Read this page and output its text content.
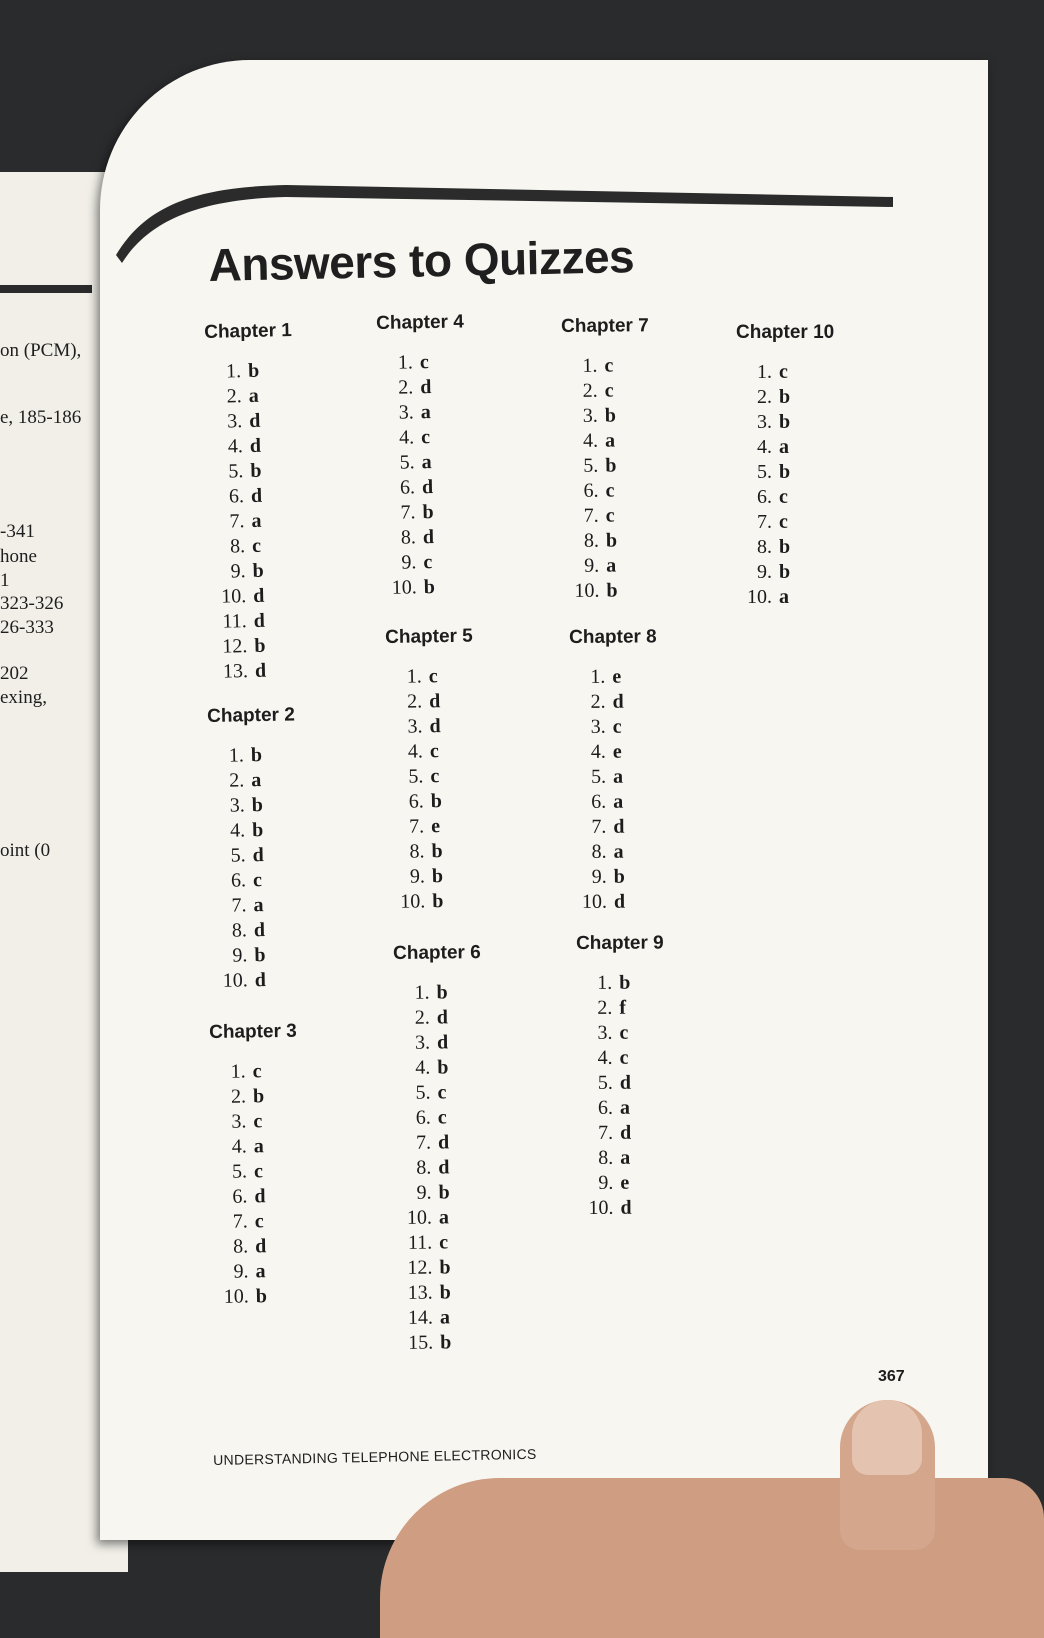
on (PCM),
e, 185-186
-341
hone
1
323-326
26-333
202
exing,
oint (0
Answers to Quizzes
Chapter 1
1. b
2. a
3. d
4. d
5. b
6. d
7. a
8. c
9. b
10. d
11. d
12. b
13. d
Chapter 2
1. b
2. a
3. b
4. b
5. d
6. c
7. a
8. d
9. b
10. d
Chapter 3
1. c
2. b
3. c
4. a
5. c
6. d
7. c
8. d
9. a
10. b
Chapter 4
1. c
2. d
3. a
4. c
5. a
6. d
7. b
8. d
9. c
10. b
Chapter 5
1. c
2. d
3. d
4. c
5. c
6. b
7. e
8. b
9. b
10. b
Chapter 6
1. b
2. d
3. d
4. b
5. c
6. c
7. d
8. d
9. b
10. a
11. c
12. b
13. b
14. a
15. b
Chapter 7
1. c
2. c
3. b
4. a
5. b
6. c
7. c
8. b
9. a
10. b
Chapter 8
1. e
2. d
3. c
4. e
5. a
6. a
7. d
8. a
9. b
10. d
Chapter 9
1. b
2. f
3. c
4. c
5. d
6. a
7. d
8. a
9. e
10. d
Chapter 10
1. c
2. b
3. b
4. a
5. b
6. c
7. c
8. b
9. b
10. a
367
UNDERSTANDING TELEPHONE ELECTRONICS
